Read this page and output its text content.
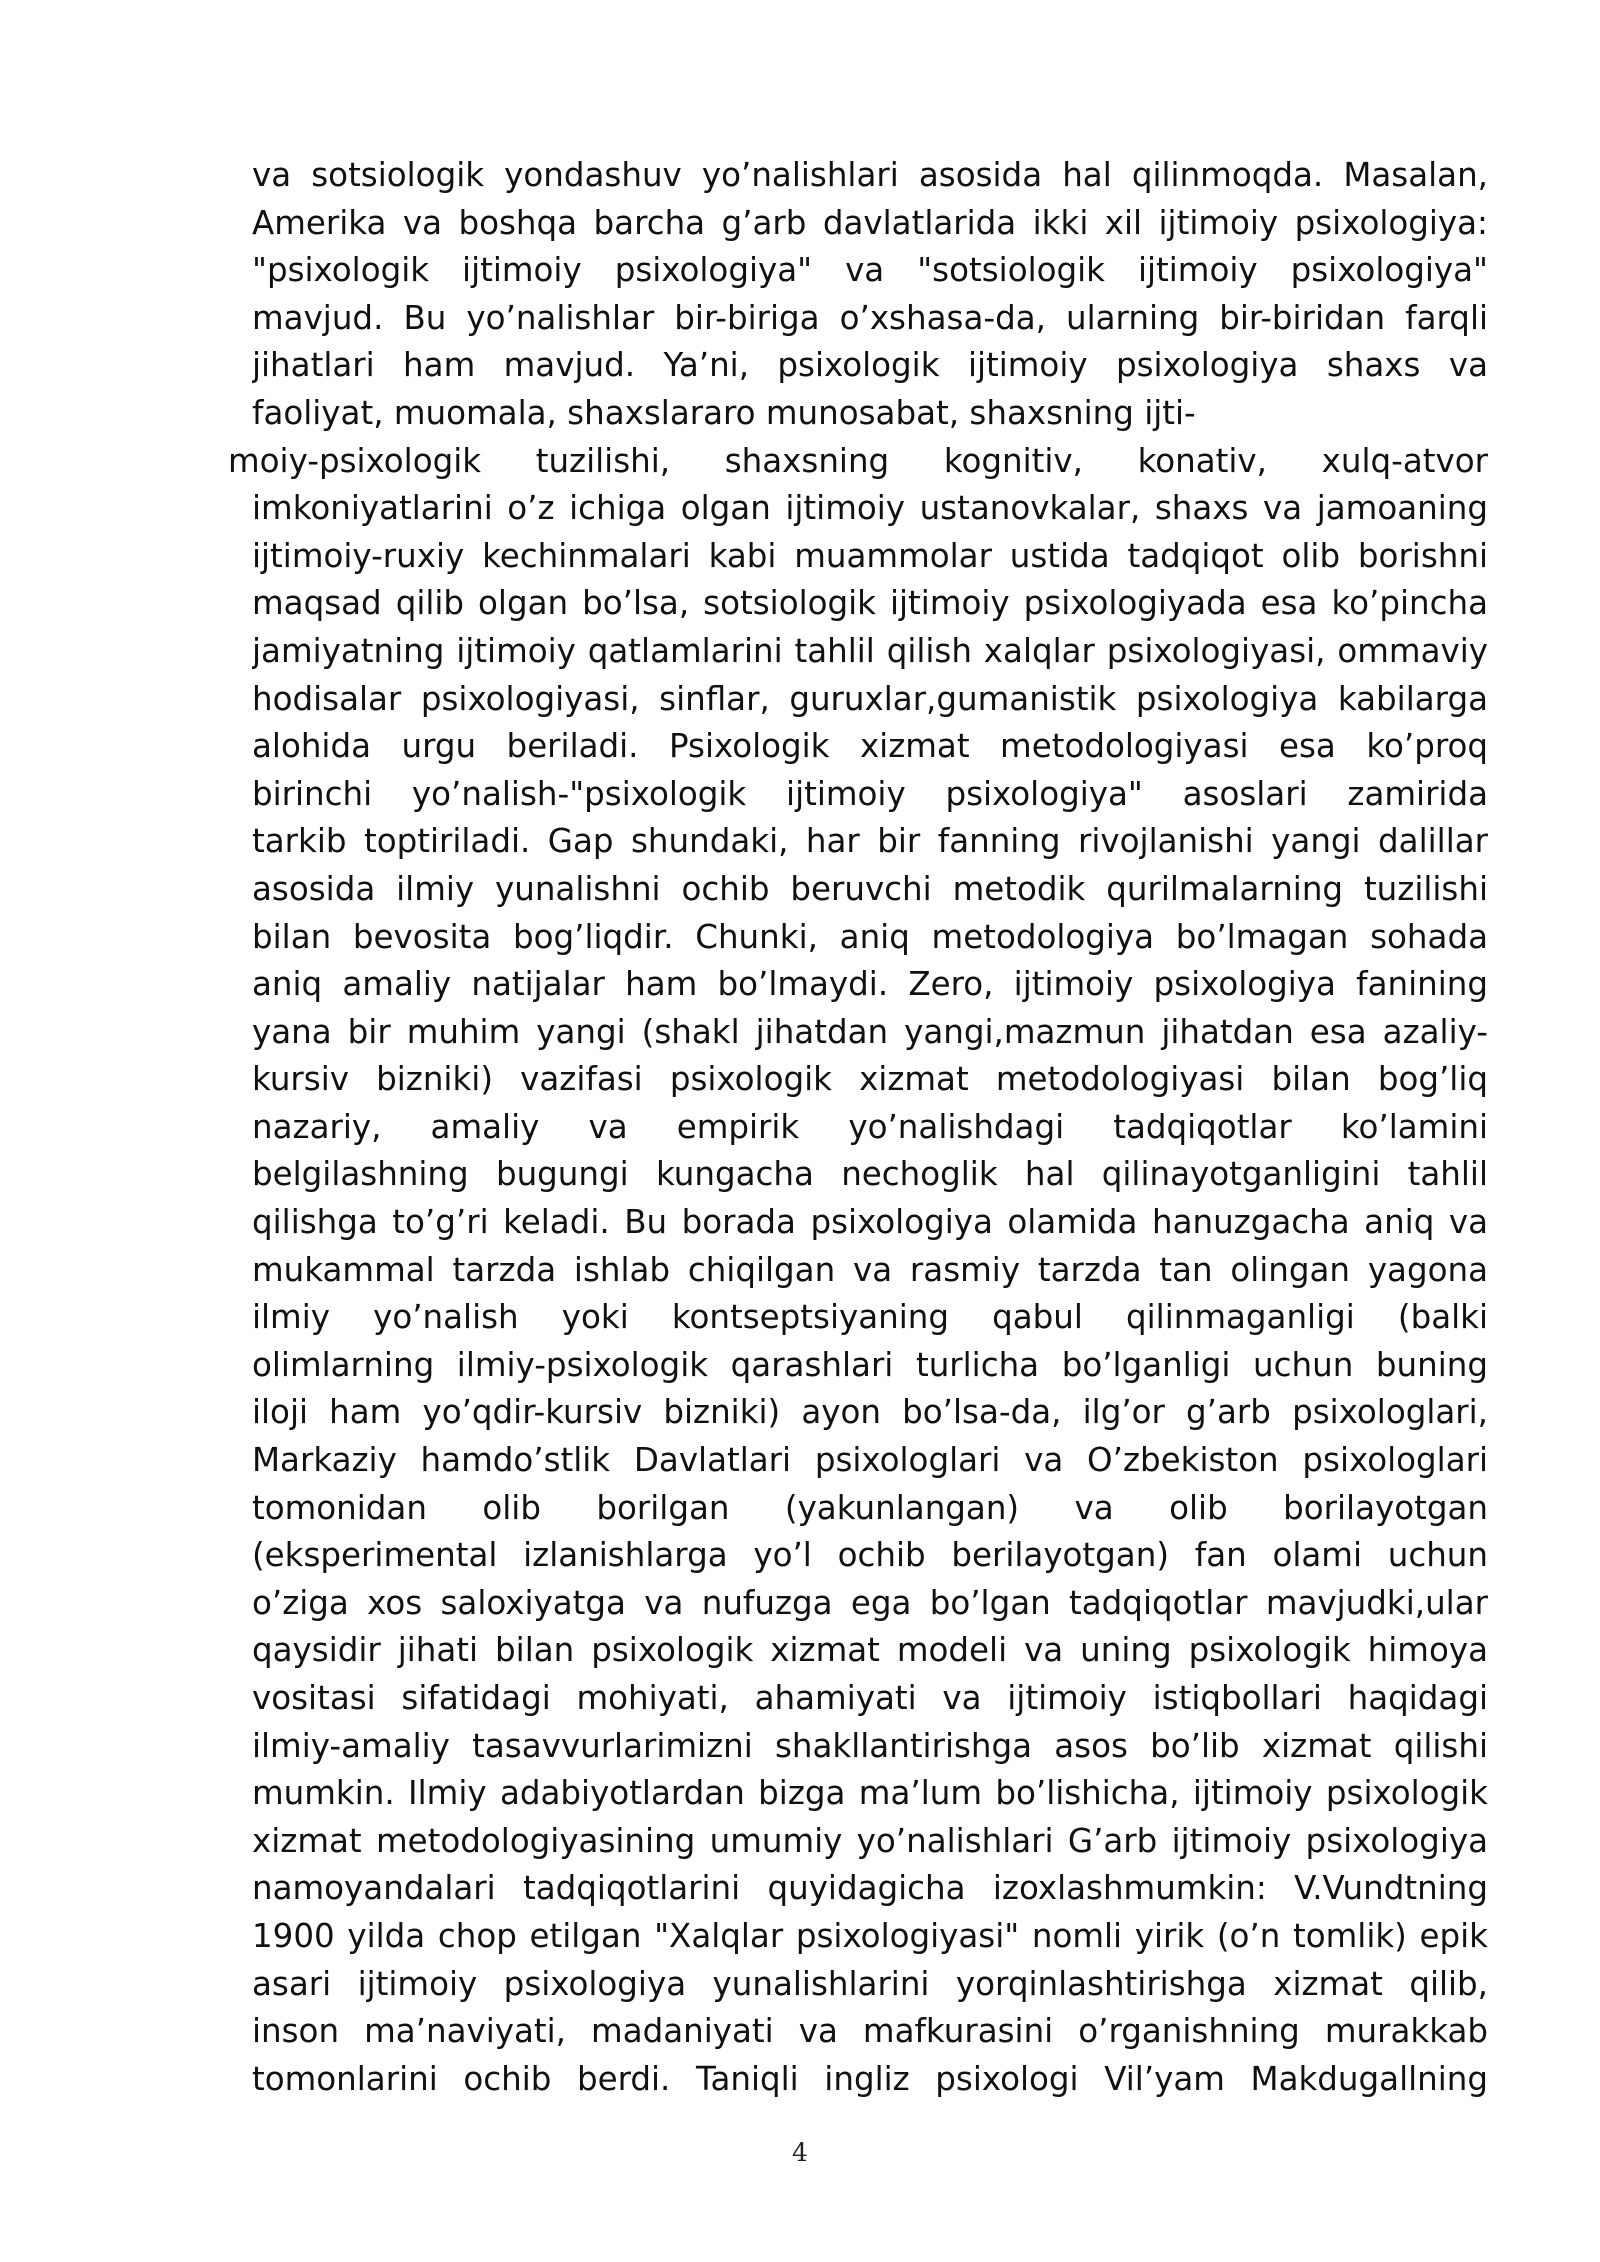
va sotsiologik yondashuv yo’nalishlari asosida hal qilinmoqda. Masalan,
Amerika va boshqa barcha g’arb davlatlarida ikki xil ijtimoiy psixologiya:
"psixologik ijtimoiy psixologiya" va "sotsiologik ijtimoiy psixologiya"
mavjud. Bu yo’nalishlar bir-biriga o’xshasa-da, ularning bir-biridan farqli
jihatlari ham mavjud. Ya’ni, psixologik ijtimoiy psixologiya shaxs va
faoliyat, muomala, shaxslararo munosabat, shaxsning ijti-
moiy-psixologik tuzilishi, shaxsning kognitiv, konativ, xulq-atvor
imkoniyatlarini o’z ichiga olgan ijtimoiy ustanovkalar, shaxs va jamoaning
ijtimoiy-ruxiy kechinmalari kabi muammolar ustida tadqiqot olib borishni
maqsad qilib olgan bo’lsa, sotsiologik ijtimoiy psixologiyada esa ko’pincha
jamiyatning ijtimoiy qatlamlarini tahlil qilish xalqlar psixologiyasi, ommaviy
hodisalar psixologiyasi, sinflar, guruxlar,gumanistik psixologiya kabilarga
alohida urgu beriladi. Psixologik xizmat metodologiyasi esa ko’proq
birinchi yo’nalish-"psixologik ijtimoiy psixologiya" asoslari zamirida
tarkib toptiriladi. Gap shundaki, har bir fanning rivojlanishi yangi dalillar
asosida ilmiy yunalishni ochib beruvchi metodik qurilmalarning tuzilishi
bilan bevosita bog’liqdir. Chunki, aniq metodologiya bo’lmagan sohada
aniq amaliy natijalar ham bo’lmaydi. Zero, ijtimoiy psixologiya fanining
yana bir muhim yangi (shakl jihatdan yangi,mazmun jihatdan esa azaliy-
kursiv bizniki) vazifasi psixologik xizmat metodologiyasi bilan bog’liq
nazariy, amaliy va empirik yo’nalishdagi tadqiqotlar ko’lamini
belgilashning bugungi kungacha nechoglik hal qilinayotganligini tahlil
qilishga to’g’ri keladi. Bu borada psixologiya olamida hanuzgacha aniq va
mukammal tarzda ishlab chiqilgan va rasmiy tarzda tan olingan yagona
ilmiy yo’nalish yoki kontseptsiyaning qabul qilinmaganligi (balki
olimlarning ilmiy-psixologik qarashlari turlicha bo’lganligi uchun buning
iloji ham yo’qdir-kursiv bizniki) ayon bo’lsa-da, ilg’or g’arb psixologlari,
Markaziy hamdo’stlik Davlatlari psixologlari va O’zbekiston psixologlari
tomonidan olib borilgan (yakunlangan) va olib borilayotgan
(eksperimental izlanishlarga yo’l ochib berilayotgan) fan olami uchun
o’ziga xos saloxiyatga va nufuzga ega bo’lgan tadqiqotlar mavjudki,ular
qaysidir jihati bilan psixologik xizmat modeli va uning psixologik himoya
vositasi sifatidagi mohiyati, ahamiyati va ijtimoiy istiqbollari haqidagi
ilmiy-amaliy tasavvurlarimizni shakllantirishga asos bo’lib xizmat qilishi
mumkin. Ilmiy adabiyotlardan bizga ma’lum bo’lishicha, ijtimoiy psixologik
xizmat metodologiyasining umumiy yo’nalishlari G’arb ijtimoiy psixologiya
namoyandalari tadqiqotlarini quyidagicha izoxlashmumkin: V.Vundtning
1900 yilda chop etilgan "Xalqlar psixologiyasi" nomli yirik (o’n tomlik) epik
asari ijtimoiy psixologiya yunalishlarini yorqinlashtirishga xizmat qilib,
inson ma’naviyati, madaniyati va mafkurasini o’rganishning murakkab
tomonlarini ochib berdi. Taniqli ingliz psixologi Vil’yam Makdugallning
4
